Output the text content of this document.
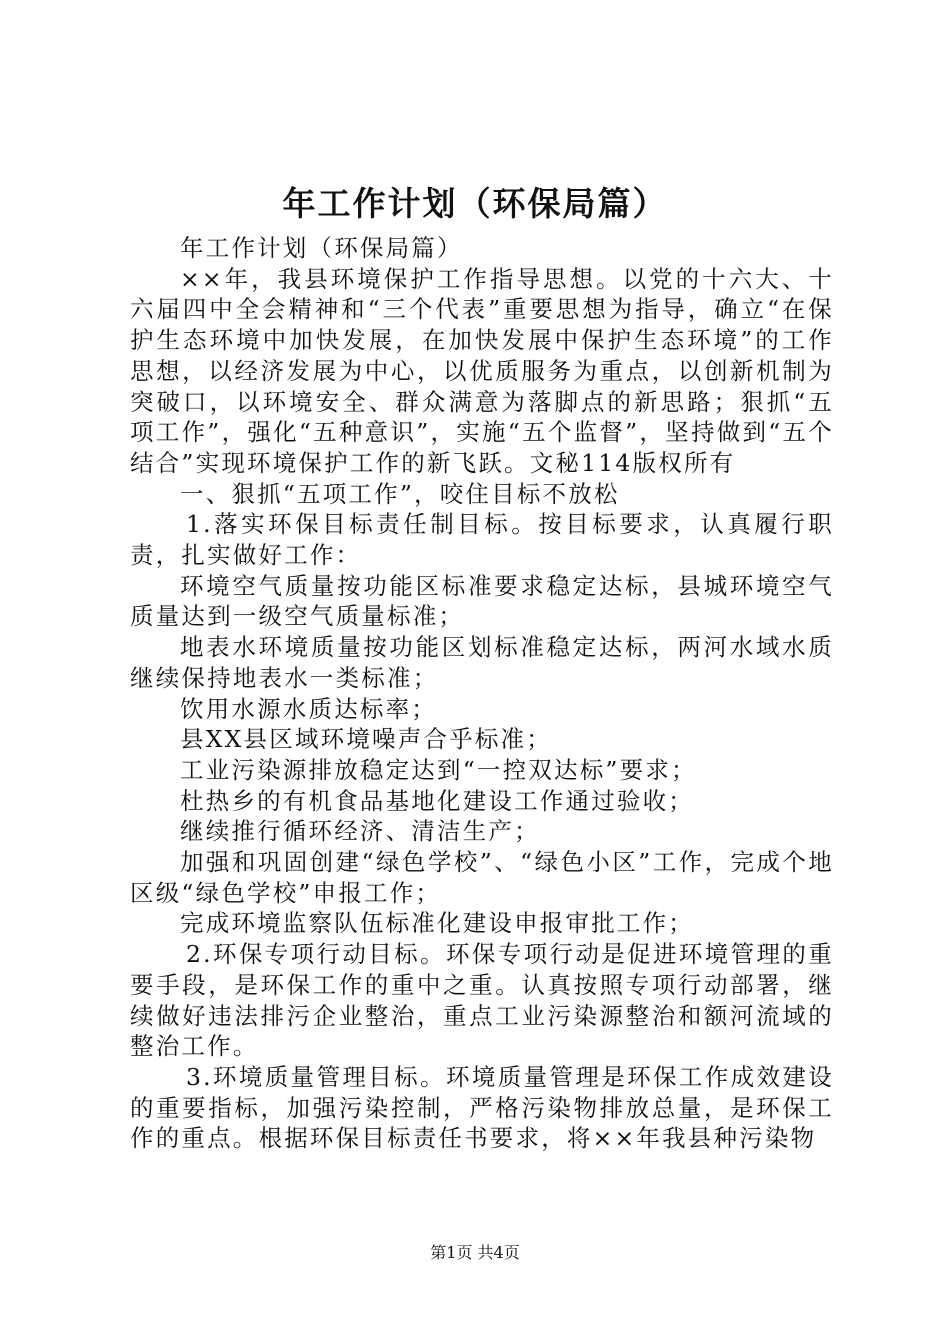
年工作计划（环保局篇）

年工作计划（环保局篇）

××年，我县环境保护工作指导思想。以党的十六大、十六届四中全会精神和“三个代表”重要思想为指导，确立“在保护生态环境中加快发展，在加快发展中保护生态环境”的工作思想，以经济发展为中心，以优质服务为重点，以创新机制为突破口，以环境安全、群众满意为落脚点的新思路；狠抓“五项工作”，强化“五种意识”，实施“五个监督”，坚持做到“五个结合”实现环境保护工作的新飞跃。文秘114版权所有

一、狠抓“五项工作”，咬住目标不放松

1.落实环保目标责任制目标。按目标要求，认真履行职责，扎实做好工作：

环境空气质量按功能区标准要求稳定达标，县城环境空气质量达到一级空气质量标准；

地表水环境质量按功能区划标准稳定达标，两河水域水质继续保持地表水一类标准；

饮用水源水质达标率；

县XX县区域环境噪声合乎标准；

工业污染源排放稳定达到“一控双达标”要求；

杜热乡的有机食品基地化建设工作通过验收；

继续推行循环经济、清洁生产；

加强和巩固创建“绿色学校”、“绿色小区”工作，完成个地区级“绿色学校”申报工作；

完成环境监察队伍标准化建设申报审批工作；

2.环保专项行动目标。环保专项行动是促进环境管理的重要手段，是环保工作的重中之重。认真按照专项行动部署，继续做好违法排污企业整治，重点工业污染源整治和额河流域的整治工作。

3.环境质量管理目标。环境质量管理是环保工作成效建设的重要指标，加强污染控制，严格污染物排放总量，是环保工作的重点。根据环保目标责任书要求，将××年我县种污染物

第1页 共4页
